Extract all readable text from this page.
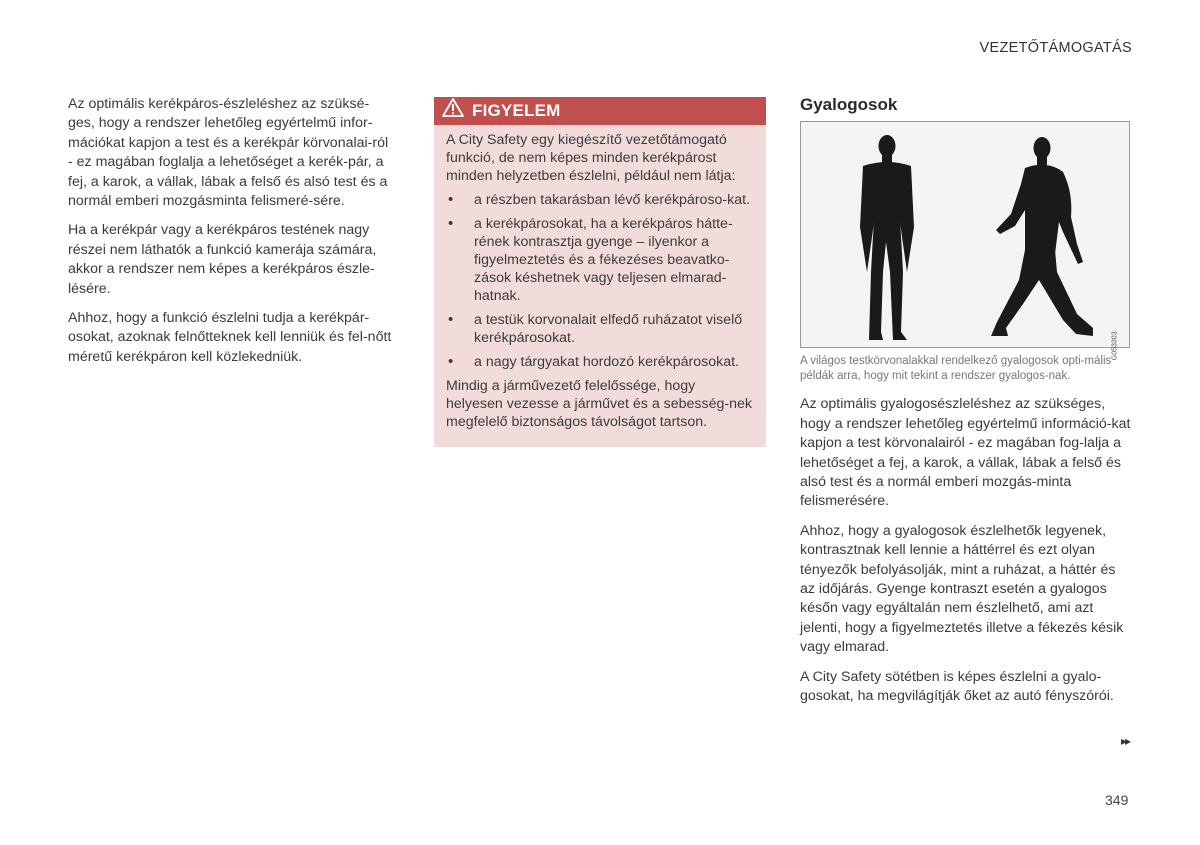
VEZETŐTÁMOGATÁS

Az optimális kerékpáros-észleléshez az szüksé-ges, hogy a rendszer lehetőleg egyértelmű infor-mációkat kapjon a test és a kerékpár körvonalai-ról - ez magában foglalja a lehetőséget a kerék-pár, a fej, a karok, a vállak, lábak a felső és alsó test és a normál emberi mozgásminta felismeré-sére.

Ha a kerékpár vagy a kerékpáros testének nagy részei nem láthatók a funkció kamerája számára, akkor a rendszer nem képes a kerékpáros észle-lésére.

Ahhoz, hogy a funkció észlelni tudja a kerékpár-osokat, azoknak felnőtteknek kell lenniük és fel-nőtt méretű kerékpáron kell közlekedniük.

FIGYELEM

A City Safety egy kiegészítő vezetőtámogató funkció, de nem képes minden kerékpárost minden helyzetben észlelni, például nem látja:

• a részben takarásban lévő kerékpároso-kat.
• a kerékpárosokat, ha a kerékpáros hátte-rének kontrasztja gyenge – ilyenkor a figyelmeztetés és a fékezéses beavatko-zások késhetnek vagy teljesen elmarad-hatnak.
• a testük korvonalait elfedő ruházatot viselő kerékpárosokat.
• a nagy tárgyakat hordozó kerékpárosokat.

Mindig a járművezető felelőssége, hogy helyesen vezesse a járművet és a sebesség-nek megfelelő biztonságos távolságot tartson.

Gyalogosok
G053303
A világos testkörvonalakkal rendelkező gyalogosok opti-mális példák arra, hogy mit tekint a rendszer gyalogos-nak.

Az optimális gyalogosészleléshez az szükséges, hogy a rendszer lehetőleg egyértelmű információ-kat kapjon a test körvonalairól - ez magában fog-lalja a lehetőséget a fej, a karok, a vállak, lábak a felső és alsó test és a normál emberi mozgás-minta felismerésére.

Ahhoz, hogy a gyalogosok észlelhetők legyenek, kontrasztnak kell lennie a háttérrel és ezt olyan tényezők befolyásolják, mint a ruházat, a háttér és az időjárás. Gyenge kontraszt esetén a gyalogos későn vagy egyáltalán nem észlelhető, ami azt jelenti, hogy a figyelmeztetés illetve a fékezés késik vagy elmarad.

A City Safety sötétben is képes észlelni a gyalo-gosokat, ha megvilágítják őket az autó fényszórói.

▸▸
349
